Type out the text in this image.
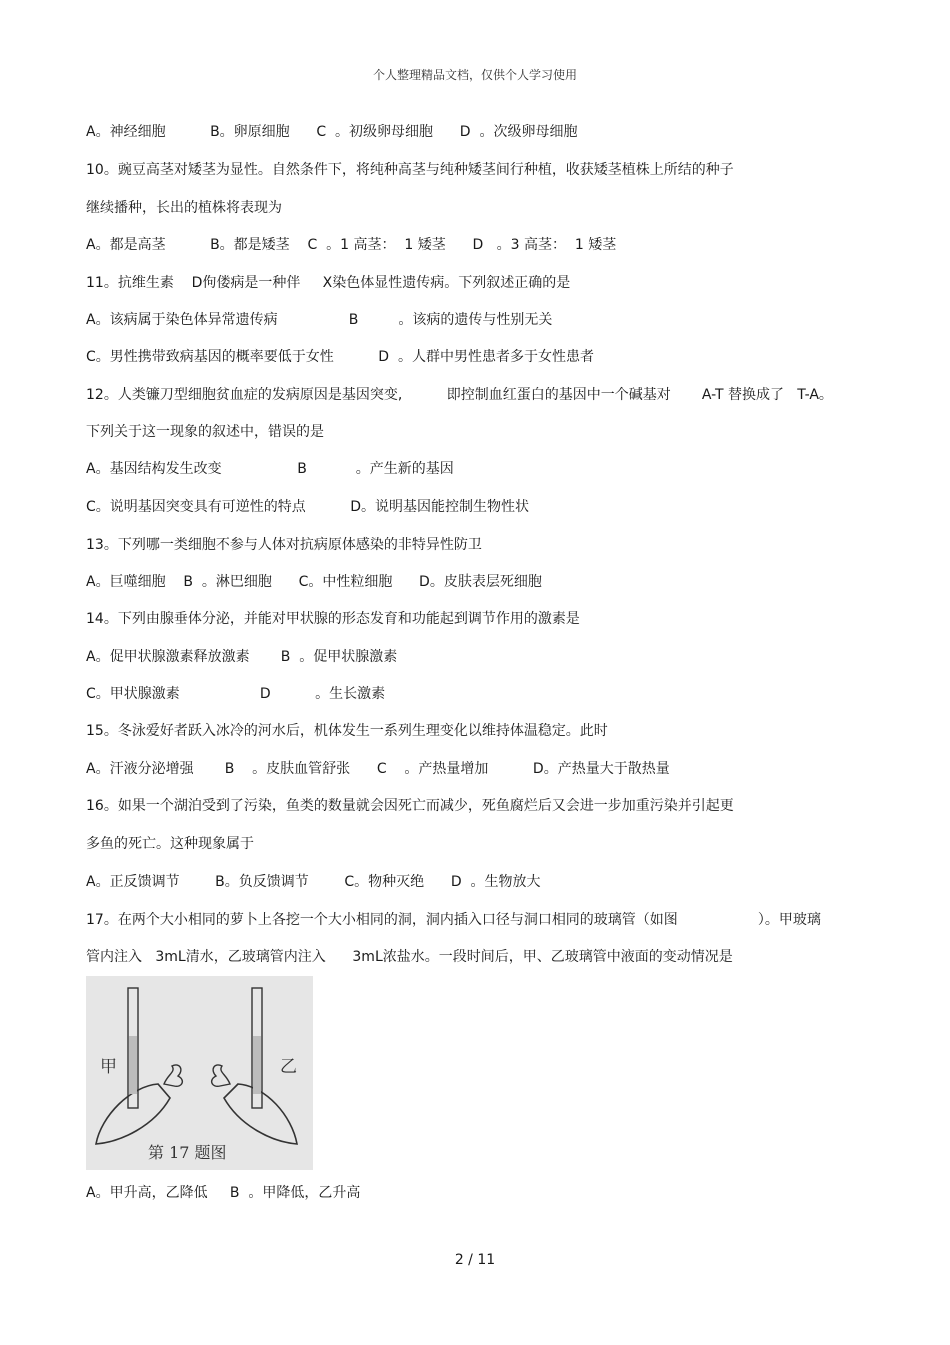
个人整理精品文档，仅供个人学习使用
A。神经细胞          B。卵原细胞      C  。初级卵母细胞      D  。次级卵母细胞
10。豌豆高茎对矮茎为显性。自然条件下，将纯种高茎与纯种矮茎间行种植，收获矮茎植株上所结的种子
继续播种，长出的植株将表现为
A。都是高茎          B。都是矮茎    C  。1 高茎：  1 矮茎      D   。3 高茎：  1 矮茎
11。抗维生素    D佝偻病是一种伴     X染色体显性遗传病。下列叙述正确的是
A。该病属于染色体异常遗传病                B         。该病的遗传与性别无关
C。男性携带致病基因的概率要低于女性          D  。人群中男性患者多于女性患者
12。人类镰刀型细胞贫血症的发病原因是基因突变,          即控制血红蛋白的基因中一个碱基对       A-T 替换成了   T-A。
下列关于这一现象的叙述中，错误的是
A。基因结构发生改变                 B           。产生新的基因
C。说明基因突变具有可逆性的特点          D。说明基因能控制生物性状
13。下列哪一类细胞不参与人体对抗病原体感染的非特异性防卫
A。巨噬细胞    B  。淋巴细胞      C。中性粒细胞      D。皮肤表层死细胞
14。下列由腺垂体分泌，并能对甲状腺的形态发育和功能起到调节作用的激素是
A。促甲状腺激素释放激素       B  。促甲状腺激素
C。甲状腺激素                  D          。生长激素
15。冬泳爱好者跃入冰冷的河水后，机体发生一系列生理变化以维持体温稳定。此时
A。汗液分泌增强       B    。皮肤血管舒张      C    。产热量增加          D。产热量大于散热量
16。如果一个湖泊受到了污染，鱼类的数量就会因死亡而减少，死鱼腐烂后又会进一步加重污染并引起更
多鱼的死亡。这种现象属于
A。正反馈调节        B。负反馈调节        C。物种灭绝      D  。生物放大
17。在两个大小相同的萝卜上各挖一个大小相同的洞，洞内插入口径与洞口相同的玻璃管（如图                  ）。甲玻璃
管内注入   3mL清水，乙玻璃管内注入      3mL浓盐水。一段时间后，甲、乙玻璃管中液面的变动情况是
甲	乙
第 17 题图
A。甲升高，乙降低     B  。甲降低，乙升高
2 / 11
